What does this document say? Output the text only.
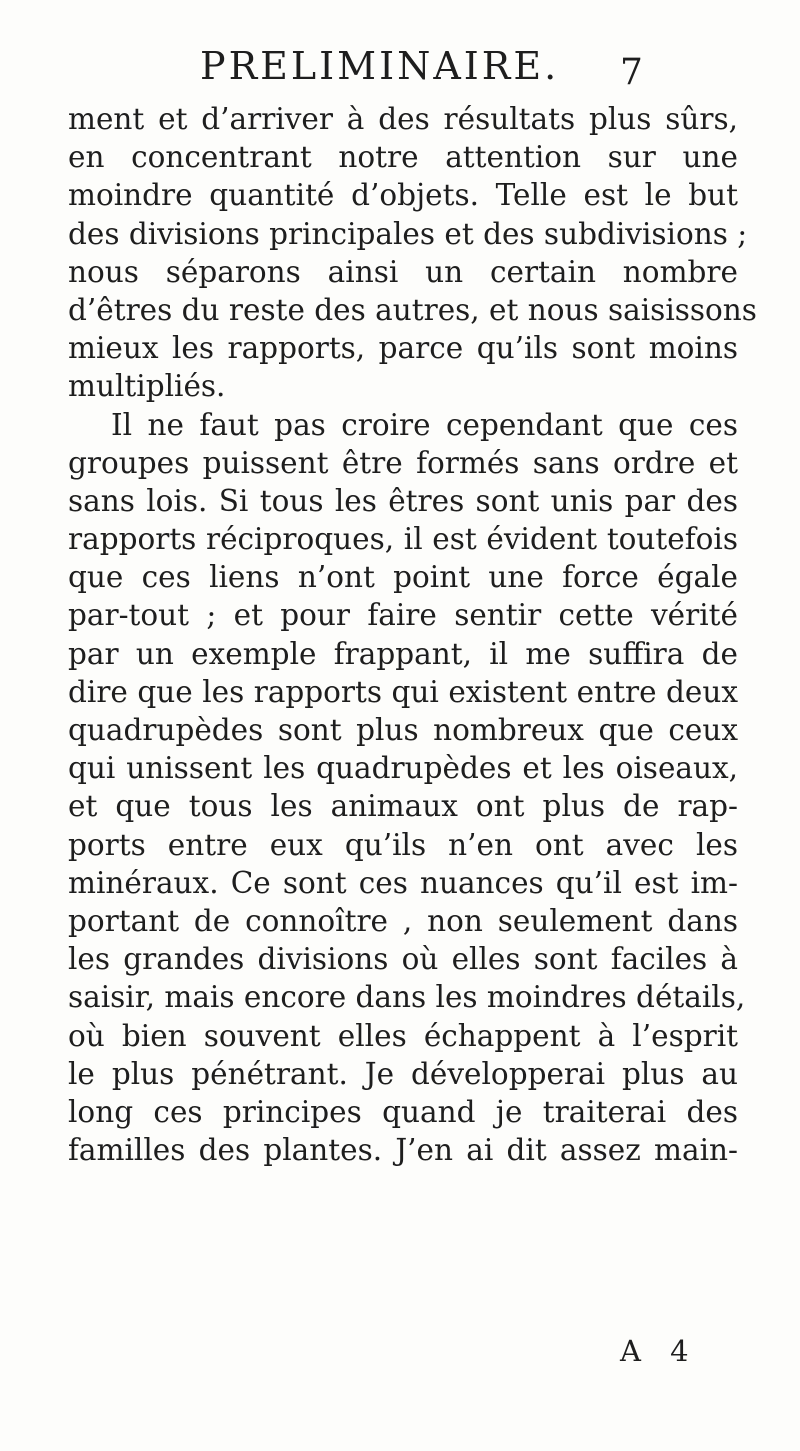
PRELIMINAIRE. 7
ment et d’arriver à des résultats plus sûrs,
en concentrant notre attention sur une
moindre quantité d’objets. Telle est le but
des divisions principales et des subdivisions ;
nous séparons ainsi un certain nombre
d’êtres du reste des autres, et nous saisissons
mieux les rapports, parce qu’ils sont moins
multipliés.
Il ne faut pas croire cependant que ces
groupes puissent être formés sans ordre et
sans lois. Si tous les êtres sont unis par des
rapports réciproques, il est évident toutefois
que ces liens n’ont point une force égale
par-tout ; et pour faire sentir cette vérité
par un exemple frappant, il me suffira de
dire que les rapports qui existent entre deux
quadrupèdes sont plus nombreux que ceux
qui unissent les quadrupèdes et les oiseaux,
et que tous les animaux ont plus de rap-
ports entre eux qu’ils n’en ont avec les
minéraux. Ce sont ces nuances qu’il est im-
portant de connoître , non seulement dans
les grandes divisions où elles sont faciles à
saisir, mais encore dans les moindres détails,
où bien souvent elles échappent à l’esprit
le plus pénétrant. Je développerai plus au
long ces principes quand je traiterai des
familles des plantes. J’en ai dit assez main-
A 4
